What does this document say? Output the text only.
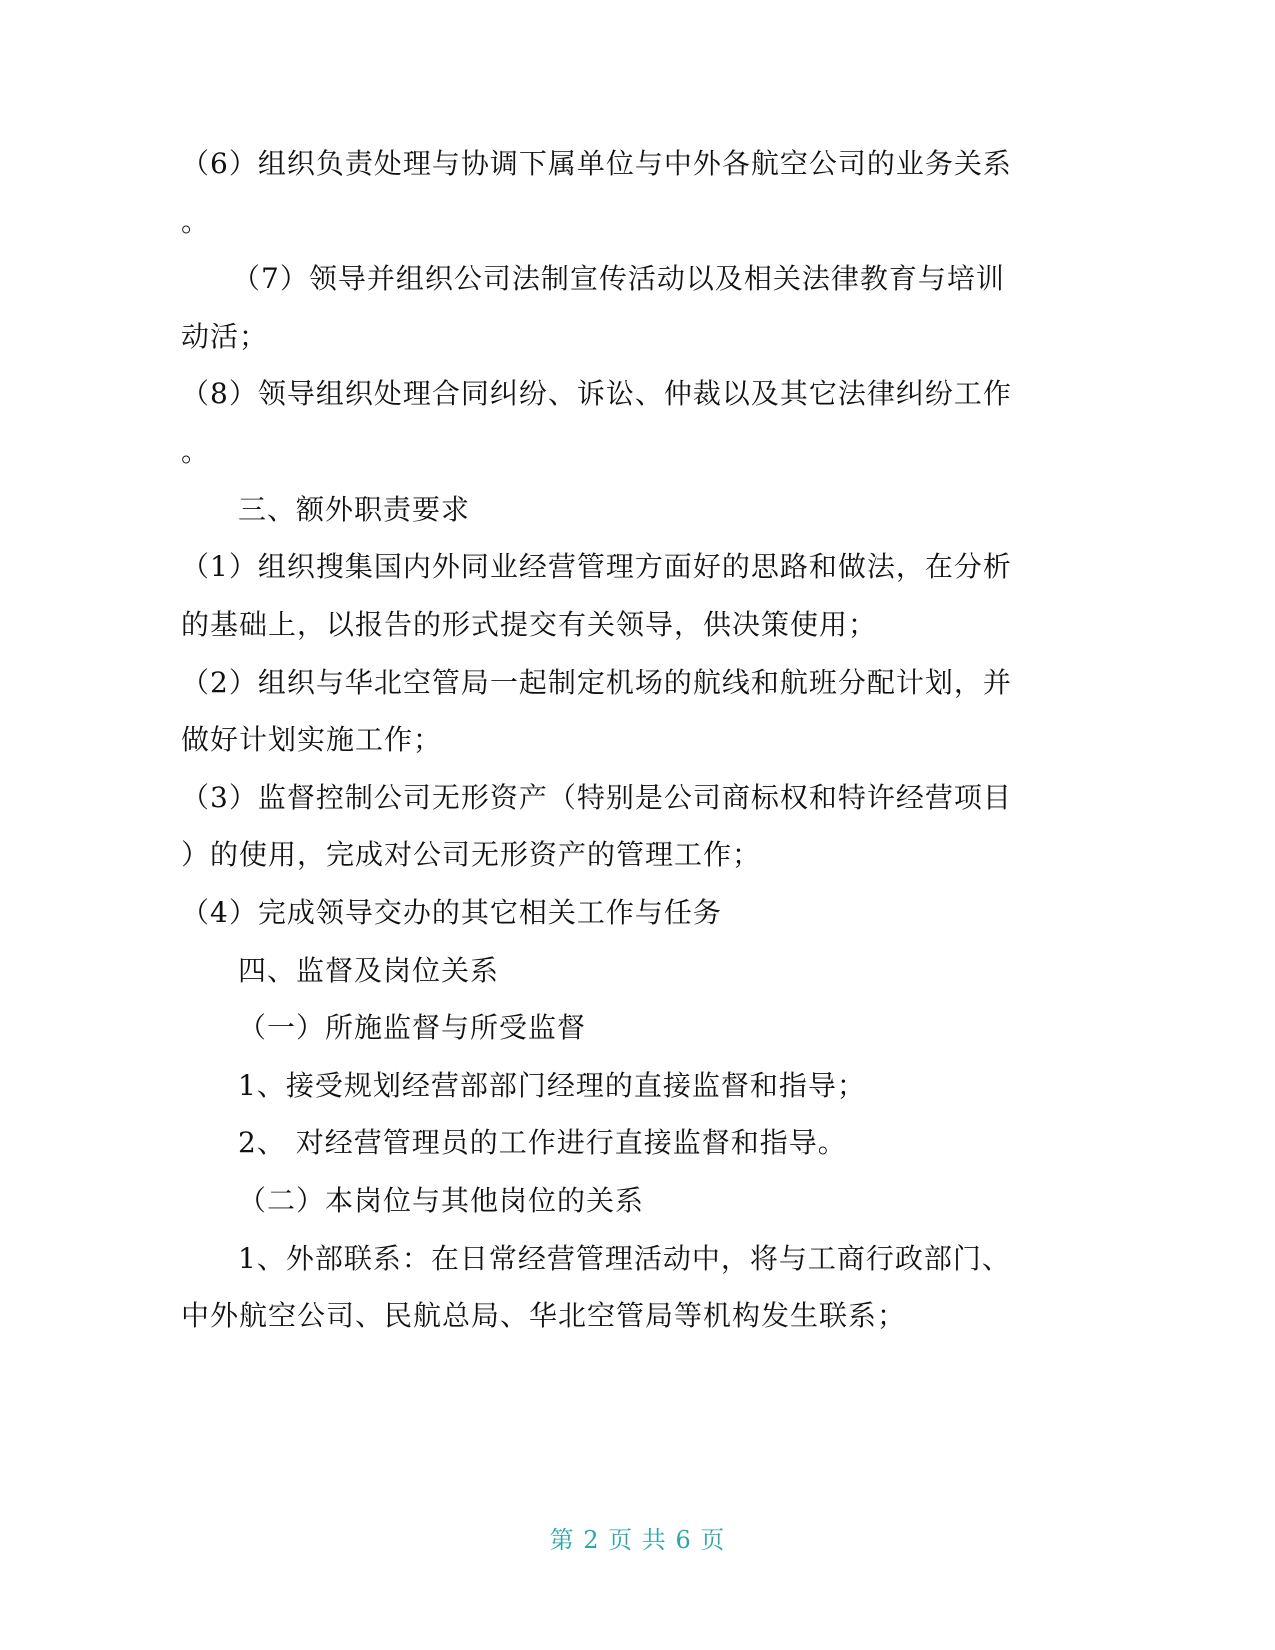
（6）组织负责处理与协调下属单位与中外各航空公司的业务关系
。
（7）领导并组织公司法制宣传活动以及相关法律教育与培训
动活；
（8）领导组织处理合同纠纷、诉讼、仲裁以及其它法律纠纷工作
。
三、额外职责要求
（1）组织搜集国内外同业经营管理方面好的思路和做法，在分析
的基础上，以报告的形式提交有关领导，供决策使用；
（2）组织与华北空管局一起制定机场的航线和航班分配计划，并
做好计划实施工作；
（3）监督控制公司无形资产（特别是公司商标权和特许经营项目
）的使用，完成对公司无形资产的管理工作；
（4）完成领导交办的其它相关工作与任务
四、监督及岗位关系
（一）所施监督与所受监督
1、接受规划经营部部门经理的直接监督和指导；
2、 对经营管理员的工作进行直接监督和指导。
（二）本岗位与其他岗位的关系
1、外部联系：在日常经营管理活动中，将与工商行政部门、
中外航空公司、民航总局、华北空管局等机构发生联系；
第 2 页 共 6 页
